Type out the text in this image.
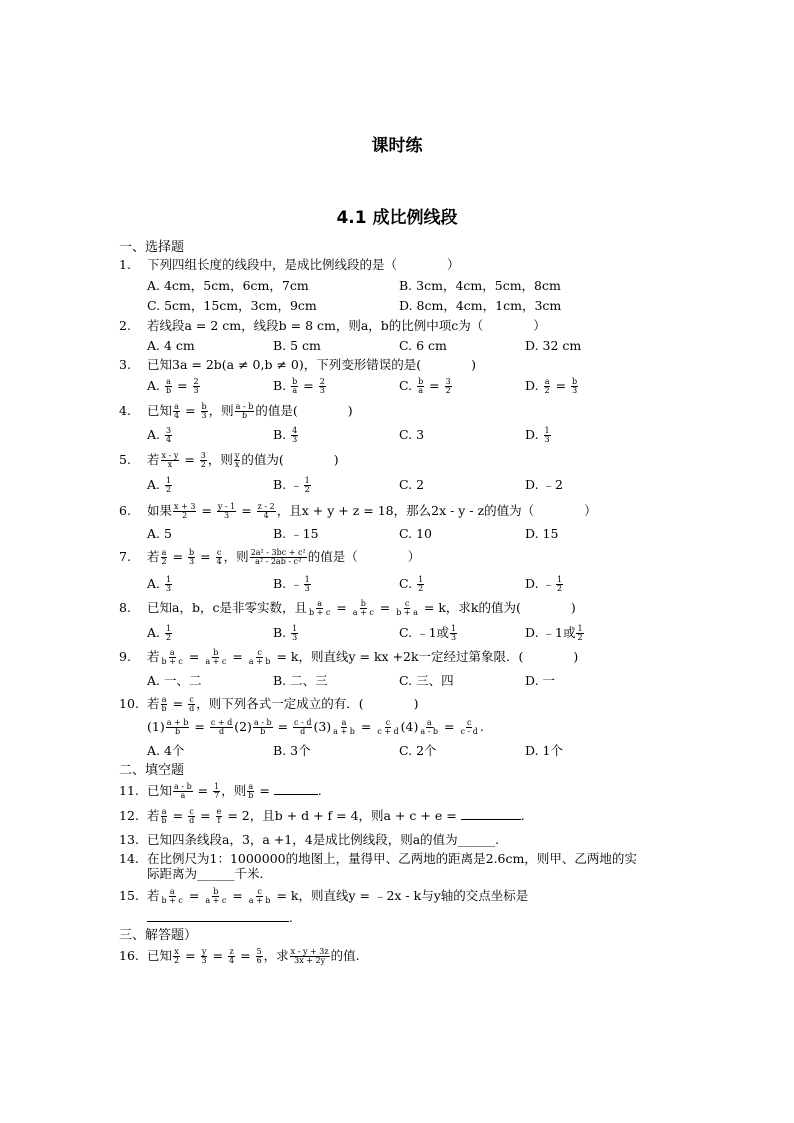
课时练
4.1 成比例线段
一、选择题
1.	下列四组长度的线段中，是成比例线段的是（　　　　）
A. 4cm，5cm，6cm，7cm	B. 3cm，4cm，5cm，8cm
C. 5cm，15cm，3cm，9cm	D. 8cm，4cm，1cm，3cm
2.	若线段a = 2 cm，线段b = 8 cm，则a，b的比例中项c为（　　　　）
A. 4 cm	B. 5 cm	C. 6 cm	D. 32 cm
3.	已知3a = 2b(a ≠ 0,b ≠ 0)，下列变形错误的是(　　　　)
A. $\frac{a}{b} = \frac{2}{3}$	B. $\frac{b}{a} = \frac{2}{3}$	C. $\frac{b}{a} = \frac{3}{2}$	D. $\frac{a}{2} = \frac{b}{3}$
4.	已知 $\frac{a}{4} = \frac{b}{3}$ ，则 $\frac{a - b}{b}$ 的值是(　　　　)
A. $\frac{3}{4}$	B. $\frac{4}{3}$	C. 3	D. $\frac{1}{3}$
5.	若 $\frac{x - y}{x} = \frac{3}{2}$ ，则 $\frac{y}{x}$ 的值为(　　　　)
A. $\frac{1}{2}$	B. ﹣ $\frac{1}{2}$	C. 2	D. ﹣2
6.	如果 $\frac{x + 3}{2} = \frac{y - 1}{3} = \frac{z - 2}{4}$ ，且x + y + z = 18，那么2x - y - z的值为（　　　　）
A. 5	B. ﹣15	C. 10	D. 15
7.	若 $\frac{a}{2} = \frac{b}{3} = \frac{c}{4}$ ，则 $\frac{\text{2a² - 3bc + c²}}{\text{a² - 2ab - c²}}$ 的值是（　　　　）
A. $\frac{1}{3}$	B. ﹣ $\frac{1}{3}$	C. $\frac{1}{2}$	D. ﹣ $\frac{1}{2}$
8.	已知a，b，c是非零实数，且 $\frac{a}{b + c} = \frac{b}{a + c} = \frac{c}{b + a} = k$，求k的值为(　　　　)
A. $\frac{1}{2}$	B. $\frac{1}{3}$	C. ﹣1或 $\frac{1}{3}$	D. ﹣1或 $\frac{1}{2}$
9.	若 $\frac{a}{b + c} = \frac{b}{a + c} = \frac{c}{a + b} = k$，则直线y = kx +2k一定经过第象限．(　　　　)
A. 一、二	B. 二、三	C. 三、四	D. 一
10. 若 $\frac{a}{b} = \frac{c}{d}$ ，则下列各式一定成立的有．(　　　　)
$(1) \frac{a + b}{b} = \frac{c + d}{d} (2) \frac{a - b}{b} = \frac{c - d}{d} (3) \frac{a}{a + b} = \frac{c}{c + d} (4) \frac{a}{a - b} = \frac{c}{c - d}$ .
A. 4个	B. 3个	C. 2个	D. 1个
二、填空题
11. 已知 $\frac{a - b}{a} = \frac{1}{7}$ ，则 $\frac{a}{b}$ =	.
12. 若 $\frac{a}{b} = \frac{c}{d} = \frac{e}{f} = 2$，且b + d + f = 4，则a + c + e =	.
13. 已知四条线段a，3，a +1，4是成比例线段，则a的值为______.
14. 在比例尺为1：1000000的地图上，量得甲、乙两地的距离是2.6cm，则甲、乙两地的实
际距离为______千米.
15. 若 $\frac{a}{b + c} = \frac{b}{a + c} = \frac{c}{a + b} = k$，则直线y = ﹣2x - k与y轴的交点坐标是
.
三、解答题）
16. 已知 $\frac{x}{2} = \frac{y}{3} = \frac{z}{4} = \frac{5}{6}$ ，求 $\frac{x - y + 3z}{3x + 2y}$ 的值.
